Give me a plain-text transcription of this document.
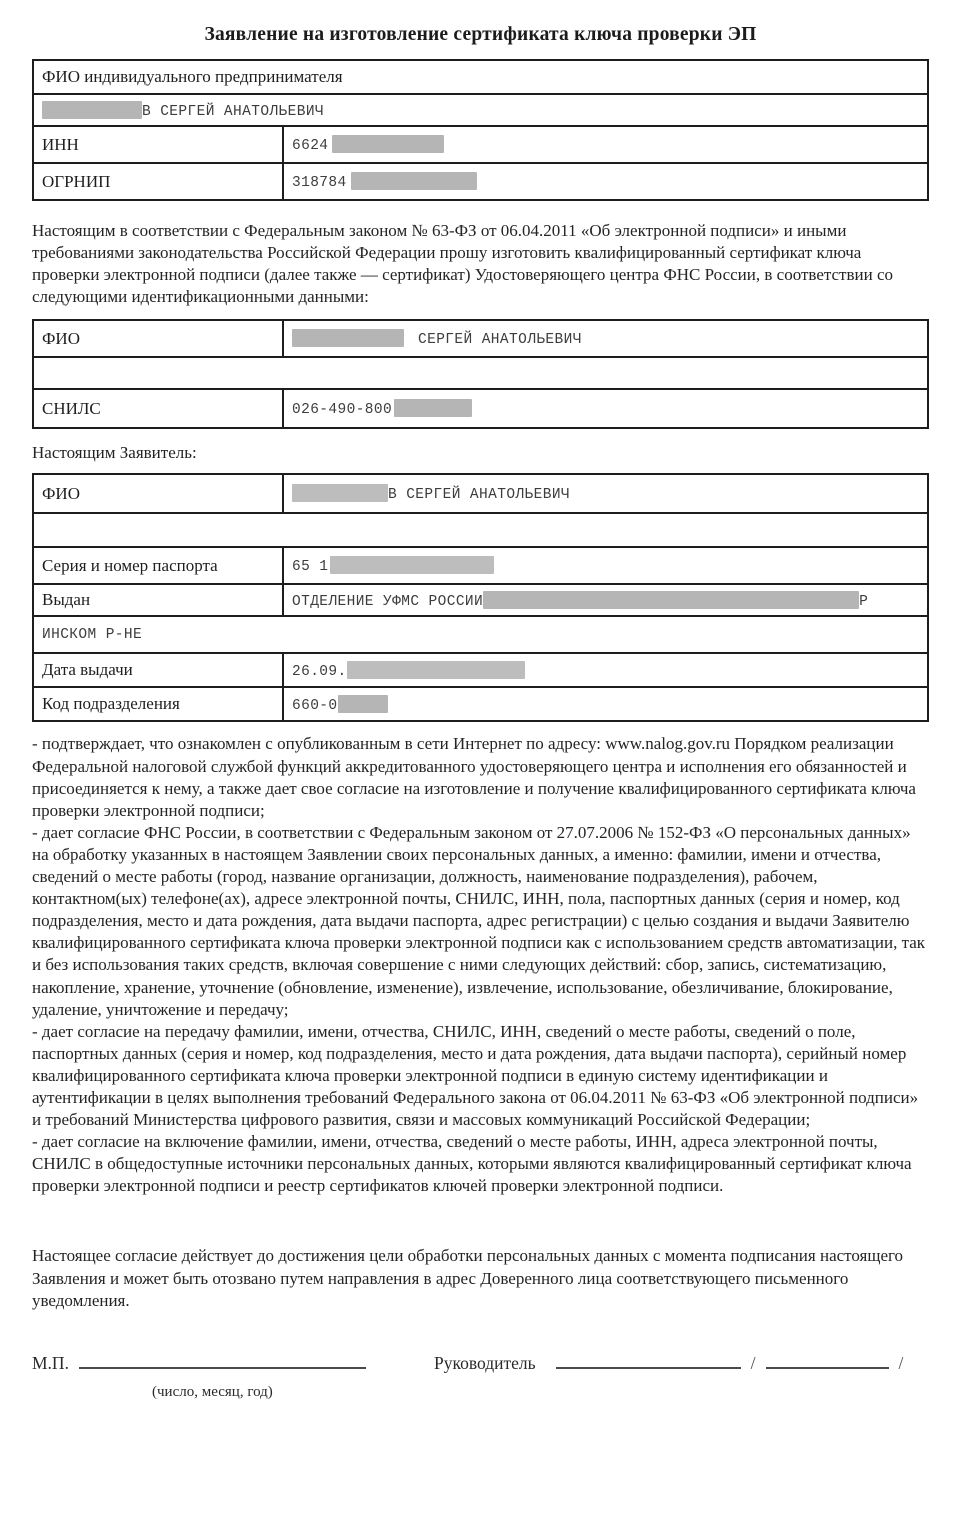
Заявление на изготовление сертификата ключа проверки ЭП
ФИО индивидуального предпринимателя	
В СЕРГЕЙ АНАТОЛЬЕВИЧ	
ИНН	6624
ОГРНИП	318784

Настоящим в соответствии с Федеральным законом № 63-ФЗ от 06.04.2011 «Об электронной подписи» и иными требованиями законодательства Российской Федерации прошу изготовить квалифицированный сертификат ключа проверки электронной подписи (далее также — сертификат) Удостоверяющего центра ФНС России, в соответствии со следующими идентификационными данными:

ФИО	СЕРГЕЙ АНАТОЛЬЕВИЧ

СНИЛС	026-490-800

Настоящим Заявитель:

ФИО	В СЕРГЕЙ АНАТОЛЬЕВИЧ

Серия и номер паспорта	65 1
Выдан	ОТДЕЛЕНИЕ УФМС РОССИИ Р
ИНСКОМ Р-НЕ	
Дата выдачи	26.09.
Код подразделения	660-0

- подтверждает, что ознакомлен с опубликованным в сети Интернет по адресу: www.nalog.gov.ru Порядком реализации Федеральной налоговой службой функций аккредитованного удостоверяющего центра и исполнения его обязанностей и присоединяется к нему, а также дает свое согласие на изготовление и получение квалифицированного сертификата ключа проверки электронной подписи;

- дает согласие ФНС России, в соответствии с Федеральным законом от 27.07.2006 № 152-ФЗ «О персональных данных» на обработку указанных в настоящем Заявлении своих персональных данных, а именно: фамилии, имени и отчества, сведений о месте работы (город, название организации, должность, наименование подразделения), рабочем, контактном(ых) телефоне(ах), адресе электронной почты, СНИЛС, ИНН, пола, паспортных данных (серия и номер, код подразделения, место и дата рождения, дата выдачи паспорта, адрес регистрации) с целью создания и выдачи Заявителю квалифицированного сертификата ключа проверки электронной подписи как с использованием средств автоматизации, так и без использования таких средств, включая совершение с ними следующих действий: сбор, запись, систематизацию, накопление, хранение, уточнение (обновление, изменение), извлечение, использование, обезличивание, блокирование, удаление, уничтожение и передачу;

- дает согласие на передачу фамилии, имени, отчества, СНИЛС, ИНН, сведений о месте работы, сведений о поле, паспортных данных (серия и номер, код подразделения, место и дата рождения, дата выдачи паспорта), серийный номер квалифицированного сертификата ключа проверки электронной подписи в единую систему идентификации и аутентификации в целях выполнения требований Федерального закона от 06.04.2011 № 63-ФЗ «Об электронной подписи» и требований Министерства цифрового развития, связи и массовых коммуникаций Российской Федерации;

- дает согласие на включение фамилии, имени, отчества, сведений о месте работы, ИНН, адреса электронной почты, СНИЛС в общедоступные источники персональных данных, которыми являются квалифицированный сертификат ключа проверки электронной подписи и реестр сертификатов ключей проверки электронной подписи.

Настоящее согласие действует до достижения цели обработки персональных данных с момента подписания настоящего Заявления и может быть отозвано путем направления в адрес Доверенного лица соответствующего письменного уведомления.

М.П.
(число, месяц, год)
Руководитель	/	/
